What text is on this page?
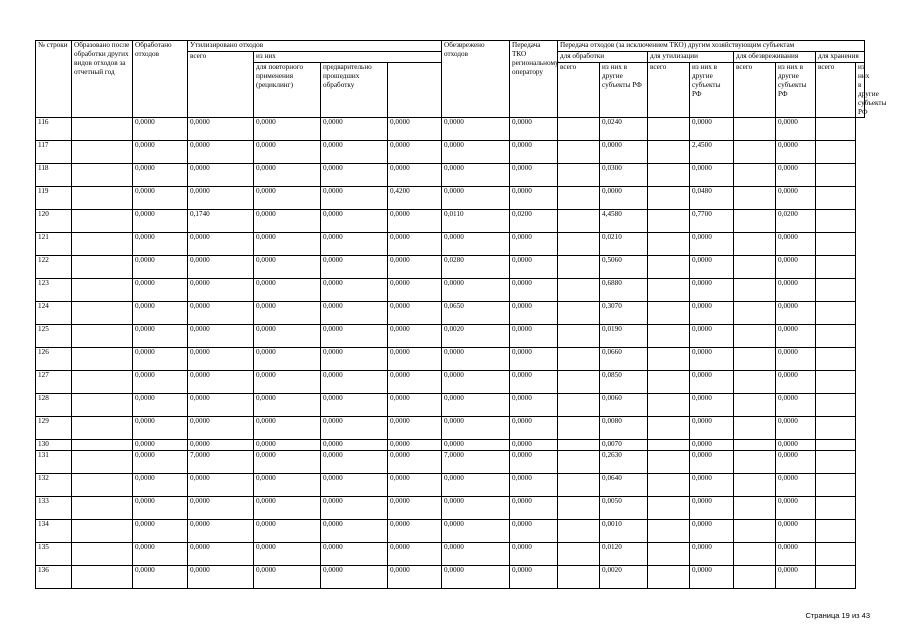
№ строки	Образовано после обработки других видов отходов за отчетный год	Обработано отходов	Утилизировано отходов				Обезврежено отходов	Передача ТКО региональному оператору	Передача отходов (за исключением ТКО) другим хозяйствующим субъектам							
			всего	из них					для обработки		для утилизации		для обезвреживания		для хранения	
				для повторного применения (рециклинг)	предварительно прошедших обработку				всего	из них в другие субъекты РФ	всего	из них в другие субъекты РФ	всего	из них в другие субъекты РФ	всего	из них в другие субъекты РФ
116		0,0000	0,0000	0,0000	0,0000	0,0000	0,0000	0,0000		0,0240		0,0000		0,0000		
117		0,0000	0,0000	0,0000	0,0000	0,0000	0,0000	0,0000		0,0000		2,4500		0,0000		
118		0,0000	0,0000	0,0000	0,0000	0,0000	0,0000	0,0000		0,0300		0,0000		0,0000		
119		0,0000	0,0000	0,0000	0,0000	0,4200	0,0000	0,0000		0,0000		0,0480		0,0000		
120		0,0000	0,1740	0,0000	0,0000	0,0000	0,0110	0,0200		4,4580		0,7700		0,0200		
121		0,0000	0,0000	0,0000	0,0000	0,0000	0,0000	0,0000		0,0210		0,0000		0,0000		
122		0,0000	0,0000	0,0000	0,0000	0,0000	0,0280	0,0000		0,5060		0,0000		0,0000		
123		0,0000	0,0000	0,0000	0,0000	0,0000	0,0000	0,0000		0,6880		0,0000		0,0000		
124		0,0000	0,0000	0,0000	0,0000	0,0000	0,0650	0,0000		0,3070		0,0000		0,0000		
125		0,0000	0,0000	0,0000	0,0000	0,0000	0,0020	0,0000		0,0190		0,0000		0,0000		
126		0,0000	0,0000	0,0000	0,0000	0,0000	0,0000	0,0000		0,0660		0,0000		0,0000		
127		0,0000	0,0000	0,0000	0,0000	0,0000	0,0000	0,0000		0,0850		0,0000		0,0000		
128		0,0000	0,0000	0,0000	0,0000	0,0000	0,0000	0,0000		0,0060		0,0000		0,0000		
129		0,0000	0,0000	0,0000	0,0000	0,0000	0,0000	0,0000		0,0080		0,0000		0,0000		
130		0,0000	0,0000	0,0000	0,0000	0,0000	0,0000	0,0000		0,0070		0,0000		0,0000		
131		0,0000	7,0000	0,0000	0,0000	0,0000	7,0000	0,0000		0,2630		0,0000		0,0000		
132		0,0000	0,0000	0,0000	0,0000	0,0000	0,0000	0,0000		0,0640		0,0000		0,0000		
133		0,0000	0,0000	0,0000	0,0000	0,0000	0,0000	0,0000		0,0050		0,0000		0,0000		
134		0,0000	0,0000	0,0000	0,0000	0,0000	0,0000	0,0000		0,0010		0,0000		0,0000		
135		0,0000	0,0000	0,0000	0,0000	0,0000	0,0000	0,0000		0,0120		0,0000		0,0000		
136		0,0000	0,0000	0,0000	0,0000	0,0000	0,0000	0,0000		0,0020		0,0000		0,0000		
Страница 19 из 43
